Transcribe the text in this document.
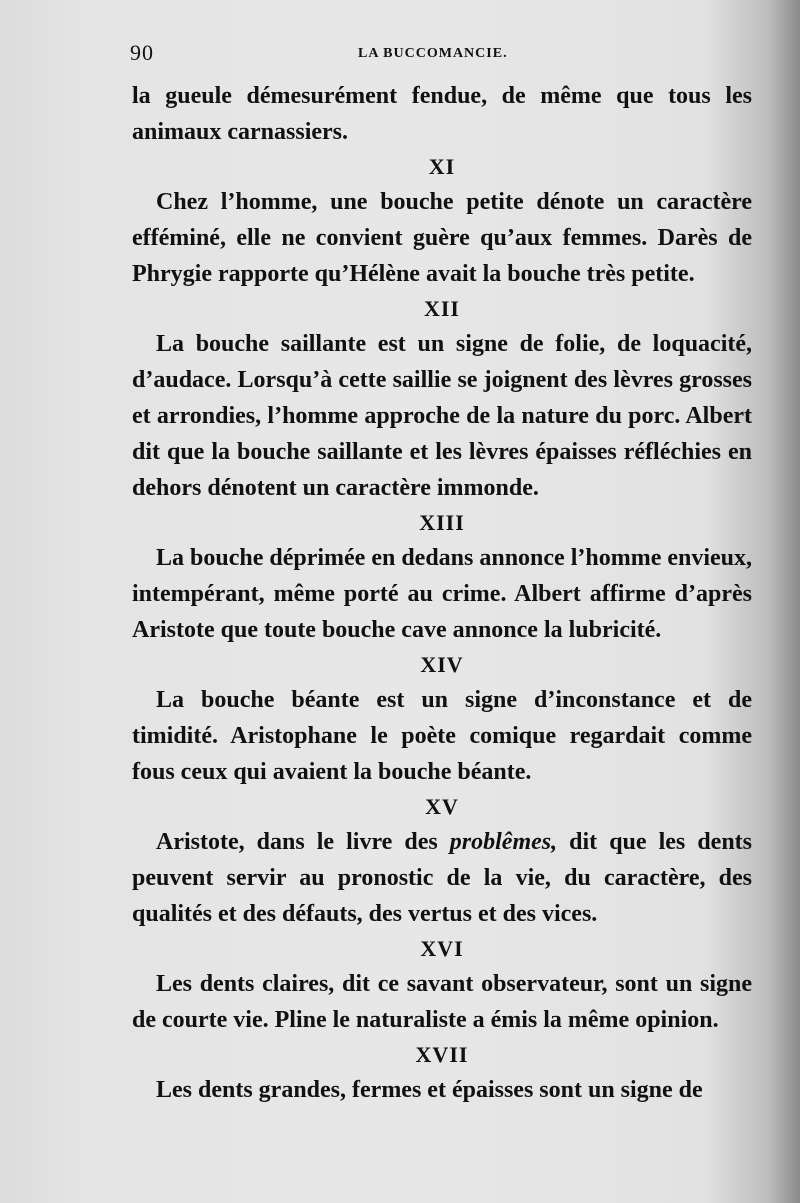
90	LA BUCCOMANCIE.

la gueule démesurément fendue, de même que tous les animaux carnassiers.

XI

Chez l’homme, une bouche petite dénote un caractère efféminé, elle ne convient guère qu’aux femmes. Darès de Phrygie rapporte qu’Hélène avait la bouche très petite.

XII

La bouche saillante est un signe de folie, de loquacité, d’audace. Lorsqu’à cette saillie se joignent des lèvres grosses et arrondies, l’homme approche de la nature du porc. Albert dit que la bouche saillante et les lèvres épaisses réfléchies en dehors dénotent un caractère immonde.

XIII

La bouche déprimée en dedans annonce l’homme envieux, intempérant, même porté au crime. Albert affirme d’après Aristote que toute bouche cave annonce la lubricité.

XIV

La bouche béante est un signe d’inconstance et de timidité. Aristophane le poète comique regardait comme fous ceux qui avaient la bouche béante.

XV

Aristote, dans le livre des problêmes, dit que les dents peuvent servir au pronostic de la vie, du caractère, des qualités et des défauts, des vertus et des vices.

XVI

Les dents claires, dit ce savant observateur, sont un signe de courte vie. Pline le naturaliste a émis la même opinion.

XVII

Les dents grandes, fermes et épaisses sont un signe de
